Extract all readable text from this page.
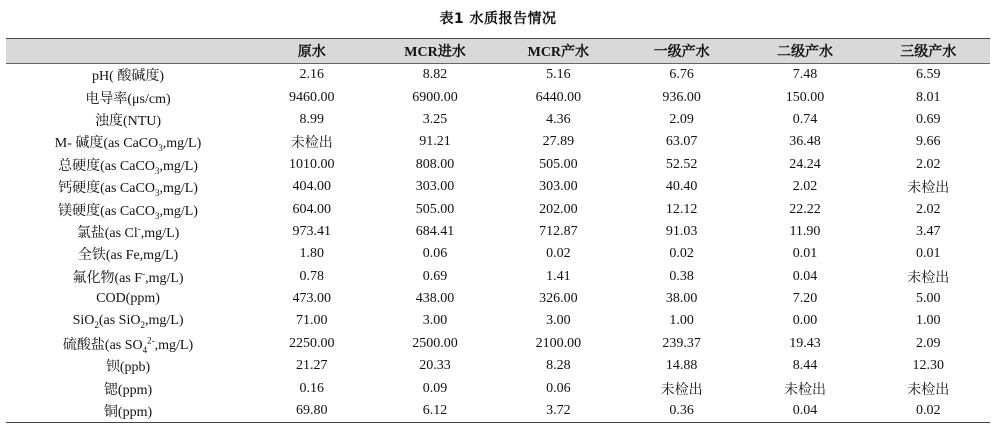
表1 水质报告情况
	原水	MCR进水	MCR产水	一级产水	二级产水	三级产水
pH( 酸碱度)	2.16	8.82	5.16	6.76	7.48	6.59
电导率(μs/cm)	9460.00	6900.00	6440.00	936.00	150.00	8.01
浊度(NTU)	8.99	3.25	4.36	2.09	0.74	0.69
M- 碱度(as CaCO$_3$,mg/L)	未检出	91.21	27.89	63.07	36.48	9.66
总硬度(as CaCO$_3$,mg/L)	1010.00	808.00	505.00	52.52	24.24	2.02
钙硬度(as CaCO$_3$,mg/L)	404.00	303.00	303.00	40.40	2.02	未检出
镁硬度(as CaCO$_3$,mg/L)	604.00	505.00	202.00	12.12	22.22	2.02
氯盐(as Cl-,mg/L)	973.41	684.41	712.87	91.03	11.90	3.47
全铁(as Fe,mg/L)	1.80	0.06	0.02	0.02	0.01	0.01
氟化物(as F-,mg/L)	0.78	0.69	1.41	0.38	0.04	未检出
COD(ppm)	473.00	438.00	326.00	38.00	7.20	5.00
SiO$_2$(as SiO$_2$,mg/L)	71.00	3.00	3.00	1.00	0.00	1.00
硫酸盐(as $SO_4^{2-},mg/L$)	2250.00	2500.00	2100.00	239.37	19.43	2.09
钡(ppb)	21.27	20.33	8.28	14.88	8.44	12.30
锶(ppm)	0.16	0.09	0.06	未检出	未检出	未检出
铜(ppm)	69.80	6.12	3.72	0.36	0.04	0.02
